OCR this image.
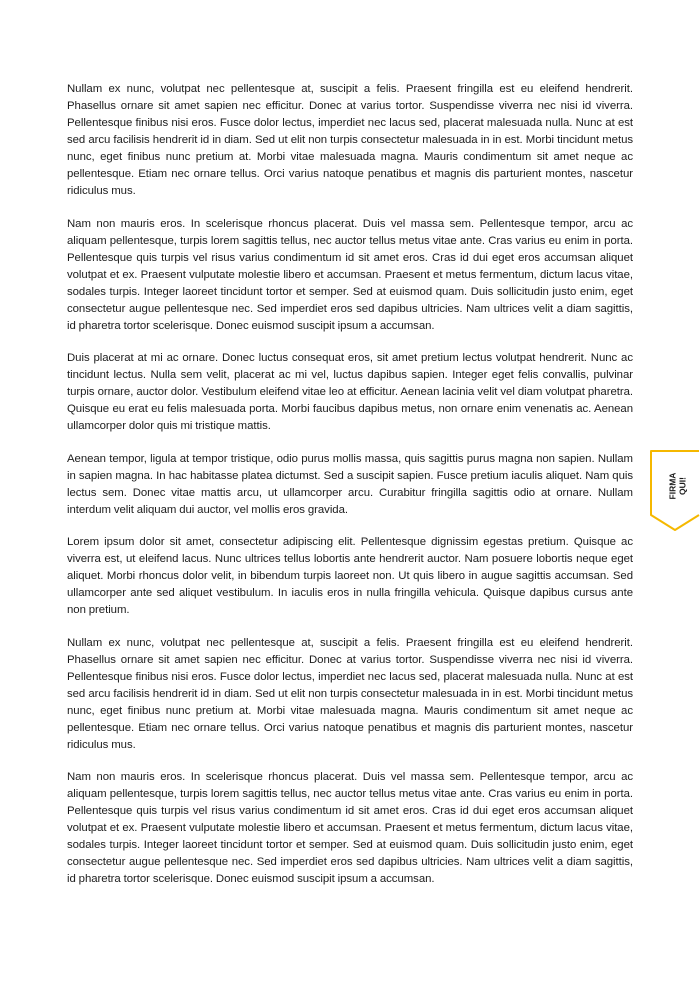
Nullam ex nunc, volutpat nec pellentesque at, suscipit a felis. Praesent fringilla est eu eleifend hendrerit. Phasellus ornare sit amet sapien nec efficitur. Donec at varius tortor. Suspendisse viverra nec nisi id viverra. Pellentesque finibus nisi eros. Fusce dolor lectus, imperdiet nec lacus sed, placerat malesuada nulla. Nunc at est sed arcu facilisis hendrerit id in diam. Sed ut elit non turpis consectetur malesuada in in est. Morbi tincidunt metus nunc, eget finibus nunc pretium at. Morbi vitae malesuada magna. Mauris condimentum sit amet neque ac pellentesque. Etiam nec ornare tellus. Orci varius natoque penatibus et magnis dis parturient montes, nascetur ridiculus mus.

Nam non mauris eros. In scelerisque rhoncus placerat. Duis vel massa sem. Pellentesque tempor, arcu ac aliquam pellentesque, turpis lorem sagittis tellus, nec auctor tellus metus vitae ante. Cras varius eu enim in porta. Pellentesque quis turpis vel risus varius condimentum id sit amet eros. Cras id dui eget eros accumsan aliquet volutpat et ex. Praesent vulputate molestie libero et accumsan. Praesent et metus fermentum, dictum lacus vitae, sodales turpis. Integer laoreet tincidunt tortor et semper. Sed at euismod quam. Duis sollicitudin justo enim, eget consectetur augue pellentesque nec. Sed imperdiet eros sed dapibus ultricies. Nam ultrices velit a diam sagittis, id pharetra tortor scelerisque. Donec euismod suscipit ipsum a accumsan.

Duis placerat at mi ac ornare. Donec luctus consequat eros, sit amet pretium lectus volutpat hendrerit. Nunc ac tincidunt lectus. Nulla sem velit, placerat ac mi vel, luctus dapibus sapien. Integer eget felis convallis, pulvinar turpis ornare, auctor dolor. Vestibulum eleifend vitae leo at efficitur. Aenean lacinia velit vel diam volutpat pharetra. Quisque eu erat eu felis malesuada porta. Morbi faucibus dapibus metus, non ornare enim venenatis ac. Aenean ullamcorper dolor quis mi tristique mattis.

Aenean tempor, ligula at tempor tristique, odio purus mollis massa, quis sagittis purus magna non sapien. Nullam in sapien magna. In hac habitasse platea dictumst. Sed a suscipit sapien. Fusce pretium iaculis aliquet. Nam quis lectus sem. Donec vitae mattis arcu, ut ullamcorper arcu. Curabitur fringilla sagittis odio at ornare. Nullam interdum velit aliquam dui auctor, vel mollis eros gravida.

Lorem ipsum dolor sit amet, consectetur adipiscing elit. Pellentesque dignissim egestas pretium. Quisque ac viverra est, ut eleifend lacus. Nunc ultrices tellus lobortis ante hendrerit auctor. Nam posuere lobortis neque eget aliquet. Morbi rhoncus dolor velit, in bibendum turpis laoreet non. Ut quis libero in augue sagittis accumsan. Sed ullamcorper ante sed aliquet vestibulum. In iaculis eros in nulla fringilla vehicula. Quisque dapibus cursus ante non pretium.

Nullam ex nunc, volutpat nec pellentesque at, suscipit a felis. Praesent fringilla est eu eleifend hendrerit. Phasellus ornare sit amet sapien nec efficitur. Donec at varius tortor. Suspendisse viverra nec nisi id viverra. Pellentesque finibus nisi eros. Fusce dolor lectus, imperdiet nec lacus sed, placerat malesuada nulla. Nunc at est sed arcu facilisis hendrerit id in diam. Sed ut elit non turpis consectetur malesuada in in est. Morbi tincidunt metus nunc, eget finibus nunc pretium at. Morbi vitae malesuada magna. Mauris condimentum sit amet neque ac pellentesque. Etiam nec ornare tellus. Orci varius natoque penatibus et magnis dis parturient montes, nascetur ridiculus mus.

Nam non mauris eros. In scelerisque rhoncus placerat. Duis vel massa sem. Pellentesque tempor, arcu ac aliquam pellentesque, turpis lorem sagittis tellus, nec auctor tellus metus vitae ante. Cras varius eu enim in porta. Pellentesque quis turpis vel risus varius condimentum id sit amet eros. Cras id dui eget eros accumsan aliquet volutpat et ex. Praesent vulputate molestie libero et accumsan. Praesent et metus fermentum, dictum lacus vitae, sodales turpis. Integer laoreet tincidunt tortor et semper. Sed at euismod quam. Duis sollicitudin justo enim, eget consectetur augue pellentesque nec. Sed imperdiet eros sed dapibus ultricies. Nam ultrices velit a diam sagittis, id pharetra tortor scelerisque. Donec euismod suscipit ipsum a accumsan.

FIRMA QUI!
